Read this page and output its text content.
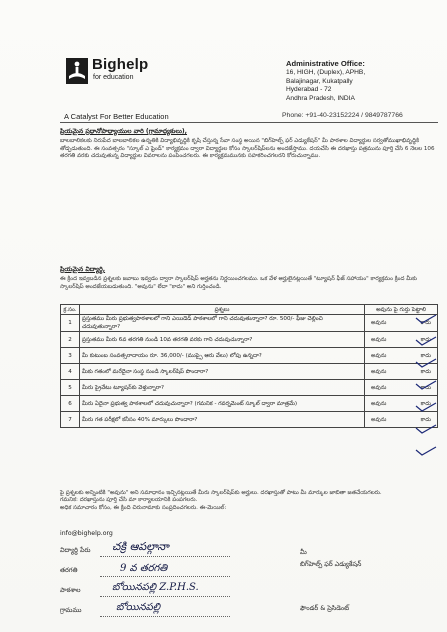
Bighelp
for education
A Catalyst For Better Education
Administrative Office:
16, HIGH, (Duplex), APHB,
Balajinagar, Kukatpally
Hyderabad - 72
Andhra Pradesh, INDIA
Phone: +91-40-23152224 / 9849787766
ప్రియమైన ప్రధానోపాధ్యాయుల వారి (గ్రామాధ్యకులు),
బాలబాలికలకు నిరుపేద బాలబాలికల ఉన్నతికి విద్యాభివృద్ధికి కృషి చేస్తున్న సేవా సంస్థ అయిన "బిగ్‌హెల్ప్ ఫర్ ఎడ్యుకేషన్" మీ పాఠశాల విద్యార్థుల సర్వతోముఖాభివృద్ధికి తోడ్పడుతుంది. ఈ సంవత్సరం "స్కూల్ ఎ ఫ్రెండ్" కార్యక్రమం ద్వారా విద్యార్థుల కోసం స్కాలర్‌షిప్‌లను అందజేస్తాము. దయచేసి ఈ దరఖాస్తు పత్రమును పూర్తి చేసి 6 నెలల 106 తరగతి వరకు చదువుతున్న విద్యార్థుల వివరాలను పంపించగలరు. ఈ కార్యక్రమమునకు సహకరించగలరని కోరుచున్నాము.
ప్రియమైన విద్యార్థి,
ఈ క్రింద ఇవ్వబడిన ప్రశ్నలకు జవాబు ఇవ్వడం ద్వారా స్కాలర్‌షిప్ అర్హతను నిర్ణయించగలము. ఒక వేళ అర్హులైనట్లయితే "ట్యూషన్ ఫీజ్ సహాయం" కార్యక్రమం క్రింద మీకు స్కాలర్‌షిప్ అందజేయబడుతుంది. "అవును" లేదా "కాదు" అని గుర్తించండి.
క్ర.సం.	ప్రశ్నలు	అవును పై గుర్తు పెట్టాలి
1	ప్రస్తుతము మీరు ప్రభుత్వపాఠశాలలో గాని ఎయిడెడ్ పాఠశాలలో గాని చదువుతున్నారా? రూ. 500/- ఫీజు చెల్లించి చదువుతున్నారా?	అవును కాదు

2	ప్రస్తుతము మీరు 6వ తరగతి నుండి 10వ తరగతి వరకు గాని చదువుచున్నారా?	అవును కాదు

3	మీ కుటుంబ సంవత్సరాదాయం రూ. 36,000/- (ముప్పై ఆరు వేలు) లోపు ఉన్నదా?	అవును కాదు

4	మీకు గతంలో మరేదైనా సంస్థ నుండి స్కాలర్‌షిప్ పొందారా?	అవును కాదు

5	మీరు ప్రైవేటు ట్యూషన్‌కు వెళ్తున్నారా?	అవును కాదు

6	మీరు ఏదైనా ప్రభుత్వ పాఠశాలలో చదువుచున్నారా? (గమనిక - గవర్నమెంట్ స్కూల్ ద్వారా మాత్రమే)	అవును కాదు

7	మీరు గత పరీక్షలో కనీసం 40% మార్కులు పొందారా?	అవును కాదు
పై ప్రశ్నలకు అన్నింటికి "అవును" అని సమాధానం ఇచ్చినట్లయితే మీరు స్కాలర్‌షిప్‌కు అర్హులు. దరఖాస్తుతో పాటు మీ మార్కుల జాబితా జతచేయగలరు.
గమనిక: దరఖాస్తును పూర్తి చేసి మా కార్యాలయానికి పంపగలరు.
అధిక సమాచారం కోసం, ఈ క్రింది చిరునామాకు సంప్రదించగలరు. ఈ-మెయిల్:
info@bighelp.org
విద్యార్థి పేరు చక్రి ఆపల్గానా
తరగతి	9 వ తరగతి
పాఠశాల	బోయినపల్లి Z.P.H.S.
గ్రామము	బోయినపల్లి
మీ
బిగ్‌హెల్ప్ ఫర్ ఎడ్యుకేషన్
ఫౌండర్ & ప్రెసిడెంట్
